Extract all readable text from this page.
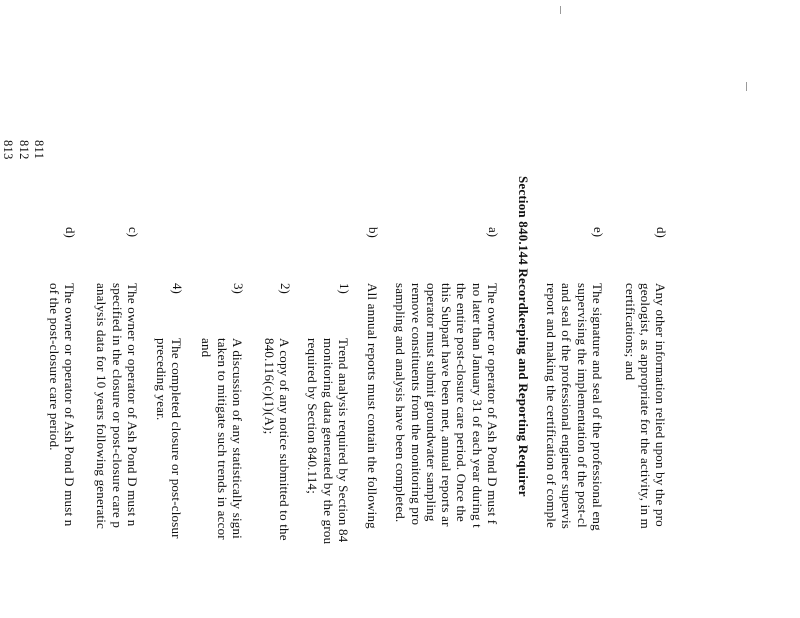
811
812
813
d)
e)
a)
b)
1)
2)
3)
4)
c)
d)	Section 840.144 Recordkeeping and Reporting Requirer	Any other information relied upon by the pro
geologist, as appropriate for the activity, in m
certifications; and
The signature and seal of the professional eng
supervising the implementation of the post-cl
and seal of the professional engineer supervis
report and making the certification of comple
The owner or operator of Ash Pond D must f
no later than January 31 of each year during t
the entire post-closure care period. Once the
this Subpart have been met, annual reports ar
operator must submit groundwater sampling
remove constituents from the monitoring pro
sampling and analysis have been completed.
All annual reports must contain the following
Trend analysis required by Section 84
monitoring data generated by the grou
required by Section 840.114;
A copy of any notice submitted to the
840.116(c)(1)(A);
A discussion of any statistically signi
taken to mitigate such trends in accor
and
The completed closure or post-closur
preceding year.
The owner or operator of Ash Pond D must n
specified in the closure or post-closure care p
analysis data for 10 years following generatic
The owner or operator of Ash Pond D must n
of the post-closure care period.
